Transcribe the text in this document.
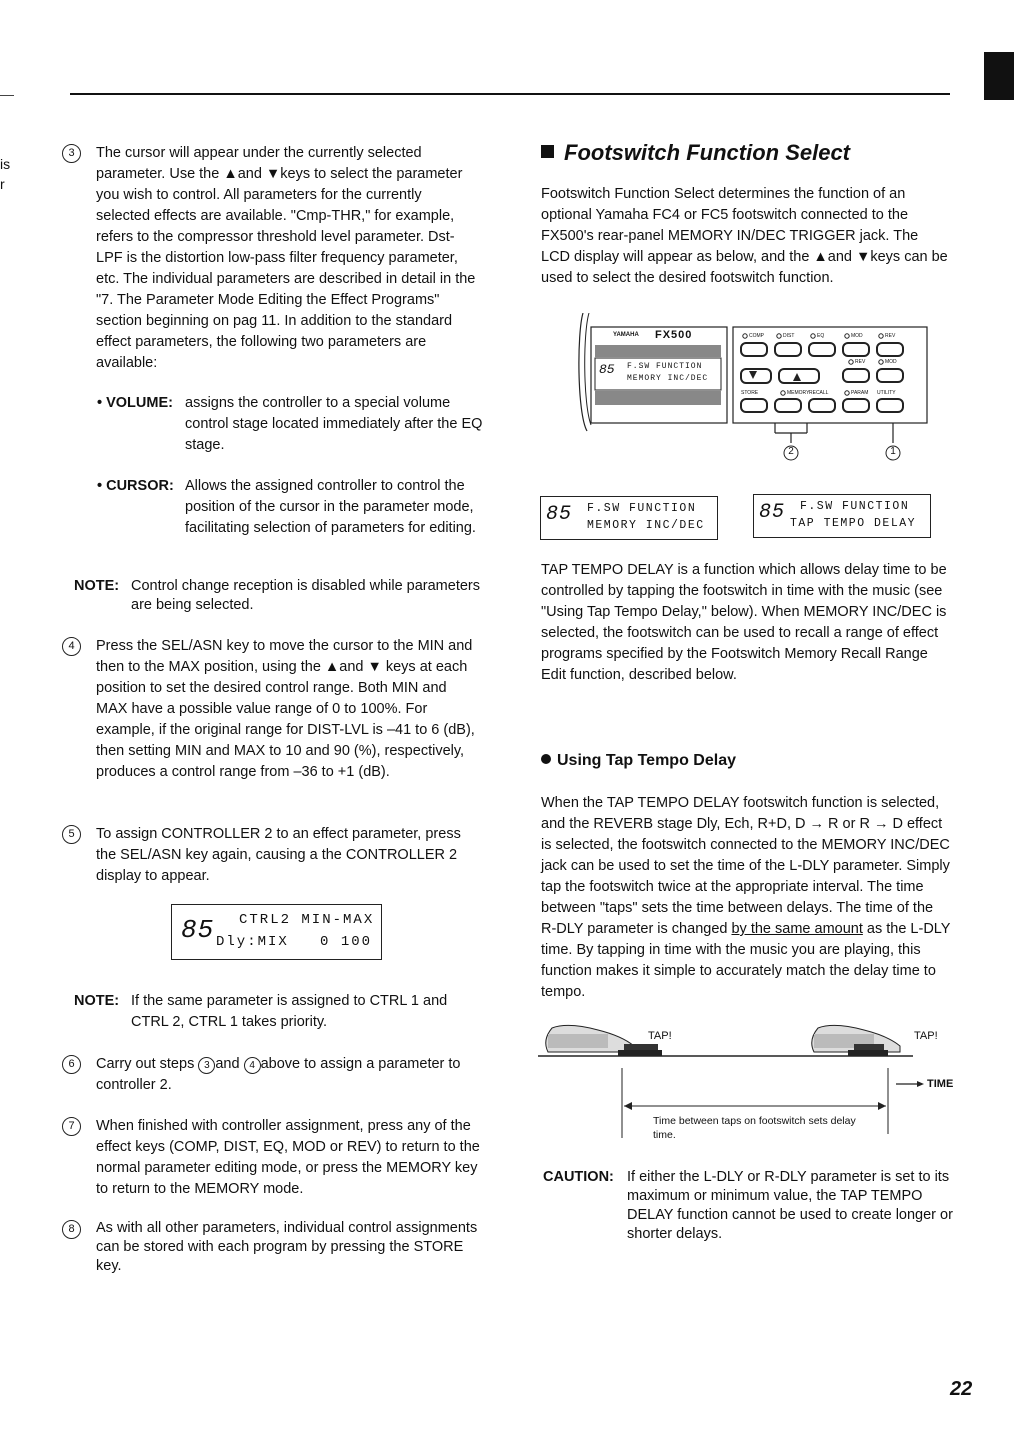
is
r
3	The cursor will appear under the currently selected parameter. Use the ▲and ▼keys to select the parameter you wish to control. All parameters for the currently selected effects are available. "Cmp-THR," for example, refers to the compressor threshold level parameter. Dst-LPF is the distortion low-pass filter frequency parameter, etc. The individual parameters are described in detail in the "7. The Parameter Mode Editing the Effect Programs" section beginning on pag 11. In addition to the standard effect parameters, the following two parameters are available:
• VOLUME: assigns the controller to a special volume control stage located immediately after the EQ stage.
• CURSOR: Allows the assigned controller to control the position of the cursor in the parameter mode, facilitating selection of parameters for editing.
NOTE: Control change reception is disabled while parameters are being selected.
4	Press the SEL/ASN key to move the cursor to the MIN and then to the MAX position, using the ▲and ▼ keys at each position to set the desired control range. Both MIN and MAX have a possible value range of 0 to 100%. For example, if the original range for DIST-LVL is –41 to 6 (dB), then setting MIN and MAX to 10 and 90 (%), respectively, produces a control range from –36 to +1 (dB).
5	To assign CONTROLLER 2 to an effect parameter, press the SEL/ASN key again, causing a the CONTROLLER 2 display to appear.
85 CTRL2 MIN-MAX
Dly:MIX   0 100
NOTE: If the same parameter is assigned to CTRL 1 and CTRL 2, CTRL 1 takes priority.
6	Carry out steps 3 and 4 above to assign a parameter to controller 2.
7	When finished with controller assignment, press any of the effect keys (COMP, DIST, EQ, MOD or REV) to return to the normal parameter editing mode, or press the MEMORY key to return to the MEMORY mode.
8	As with all other parameters, individual control assignments can be stored with each program by pressing the STORE key.
Footswitch Function Select
Footswitch Function Select determines the function of an optional Yamaha FC4 or FC5 footswitch connected to the FX500's rear-panel MEMORY IN/DEC TRIGGER jack. The LCD display will appear as below, and the ▲and ▼keys can be used to select the desired footswitch function.
YAMAHA FX500
85 F.SW FUNCTION
MEMORY INC/DEC
COMP	DIST	EQ	MOD	REV
REV	MOD
STORE	MEMORY RECALL	PARAM UTILITY
2	1
85 F.SW FUNCTION
MEMORY INC/DEC
85 F.SW FUNCTION
TAP TEMPO DELAY
TAP TEMPO DELAY is a function which allows delay time to be controlled by tapping the footswitch in time with the music (see "Using Tap Tempo Delay," below). When MEMORY INC/DEC is selected, the footswitch can be used to recall a range of effect programs specified by the Footswitch Memory Recall Range Edit function, described below.
Using Tap Tempo Delay
When the TAP TEMPO DELAY footswitch function is selected, and the REVERB stage Dly, Ech, R+D, D → R or R → D effect is selected, the footswitch connected to the MEMORY INC/DEC jack can be used to set the time of the L-DLY parameter. Simply tap the footswitch twice at the appropriate interval. The time between "taps" sets the time between delays. The time of the R-DLY parameter is changed by the same amount as the L-DLY time. By tapping in time with the music you are playing, this function makes it simple to accurately match the delay time to tempo.
TAP!	TAP!
TIME
Time between taps on footswitch sets delay time.
CAUTION: If either the L-DLY or R-DLY parameter is set to its maximum or minimum value, the TAP TEMPO DELAY function cannot be used to create longer or shorter delays.
22
